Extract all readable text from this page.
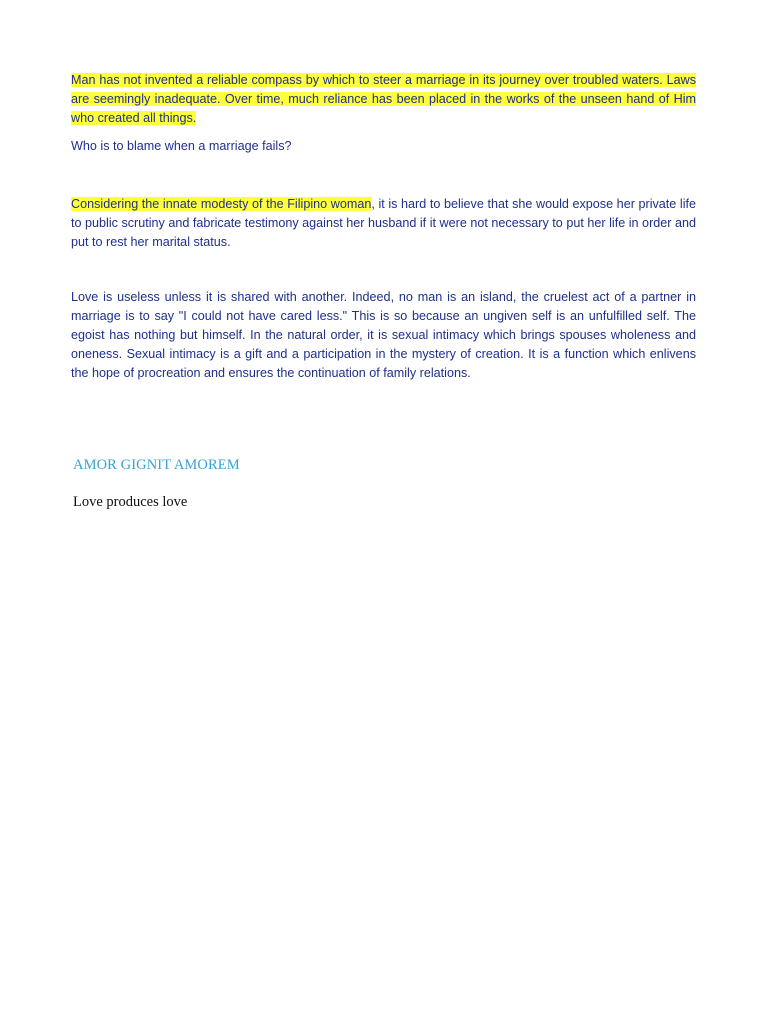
Man has not invented a reliable compass by which to steer a marriage in its journey over troubled waters. Laws are seemingly inadequate. Over time, much reliance has been placed in the works of the unseen hand of Him who created all things.

Who is to blame when a marriage fails?

Considering the innate modesty of the Filipino woman, it is hard to believe that she would expose her private life to public scrutiny and fabricate testimony against her husband if it were not necessary to put her life in order and put to rest her marital status.

Love is useless unless it is shared with another. Indeed, no man is an island, the cruelest act of a partner in marriage is to say "I could not have cared less." This is so because an ungiven self is an unfulfilled self. The egoist has nothing but himself. In the natural order, it is sexual intimacy which brings spouses wholeness and oneness. Sexual intimacy is a gift and a participation in the mystery of creation. It is a function which enlivens the hope of procreation and ensures the continuation of family relations.

AMOR GIGNIT AMOREM

Love produces love
